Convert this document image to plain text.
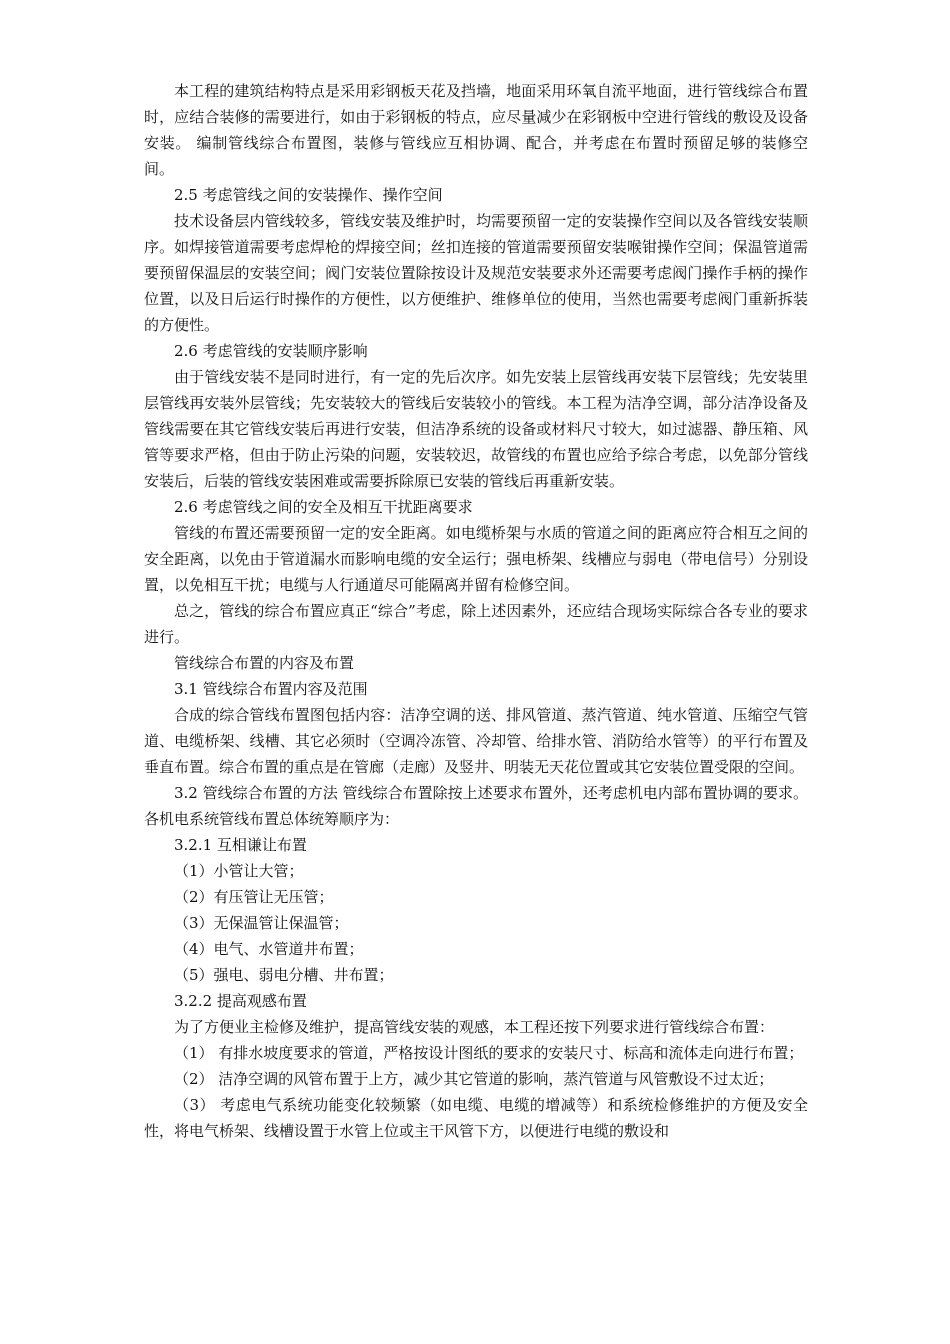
本工程的建筑结构特点是采用彩钢板天花及挡墙，地面采用环氧自流平地面，进行管线综合布置时，应结合装修的需要进行，如由于彩钢板的特点，应尽量减少在彩钢板中空进行管线的敷设及设备安装。 编制管线综合布置图，装修与管线应互相协调、配合，并考虑在布置时预留足够的装修空间。

2.5 考虑管线之间的安装操作、操作空间

技术设备层内管线较多，管线安装及维护时，均需要预留一定的安装操作空间以及各管线安装顺序。如焊接管道需要考虑焊枪的焊接空间；丝扣连接的管道需要预留安装喉钳操作空间；保温管道需要预留保温层的安装空间；阀门安装位置除按设计及规范安装要求外还需要考虑阀门操作手柄的操作位置，以及日后运行时操作的方便性，以方便维护、维修单位的使用，当然也需要考虑阀门重新拆装的方便性。

2.6 考虑管线的安装顺序影响

由于管线安装不是同时进行，有一定的先后次序。如先安装上层管线再安装下层管线；先安装里层管线再安装外层管线；先安装较大的管线后安装较小的管线。本工程为洁净空调，部分洁净设备及管线需要在其它管线安装后再进行安装，但洁净系统的设备或材料尺寸较大，如过滤器、静压箱、风管等要求严格，但由于防止污染的问题，安装较迟，故管线的布置也应给予综合考虑，以免部分管线安装后，后装的管线安装困难或需要拆除原已安装的管线后再重新安装。

2.6 考虑管线之间的安全及相互干扰距离要求

管线的布置还需要预留一定的安全距离。如电缆桥架与水质的管道之间的距离应符合相互之间的安全距离，以免由于管道漏水而影响电缆的安全运行；强电桥架、线槽应与弱电（带电信号）分别设置，以免相互干扰；电缆与人行通道尽可能隔离并留有检修空间。

总之，管线的综合布置应真正“综合”考虑，除上述因素外，还应结合现场实际综合各专业的要求进行。

管线综合布置的内容及布置

3.1 管线综合布置内容及范围

合成的综合管线布置图包括内容：洁净空调的送、排风管道、蒸汽管道、纯水管道、压缩空气管道、电缆桥架、线槽、其它必须时（空调冷冻管、冷却管、给排水管、消防给水管等）的平行布置及垂直布置。综合布置的重点是在管廊（走廊）及竖井、明装无天花位置或其它安装位置受限的空间。

3.2 管线综合布置的方法 管线综合布置除按上述要求布置外，还考虑机电内部布置协调的要求。 各机电系统管线布置总体统筹顺序为：

3.2.1 互相谦让布置

（1）小管让大管；

（2）有压管让无压管；

（3）无保温管让保温管；

（4）电气、水管道井布置；

（5）强电、弱电分槽、井布置；

3.2.2 提高观感布置

为了方便业主检修及维护，提高管线安装的观感，本工程还按下列要求进行管线综合布置：

（1） 有排水坡度要求的管道，严格按设计图纸的要求的安装尺寸、标高和流体走向进行布置；

（2） 洁净空调的风管布置于上方，减少其它管道的影响，蒸汽管道与风管敷设不过太近；

（3） 考虑电气系统功能变化较频繁（如电缆、电缆的增减等）和系统检修维护的方便及安全性，将电气桥架、线槽设置于水管上位或主干风管下方，以便进行电缆的敷设和
